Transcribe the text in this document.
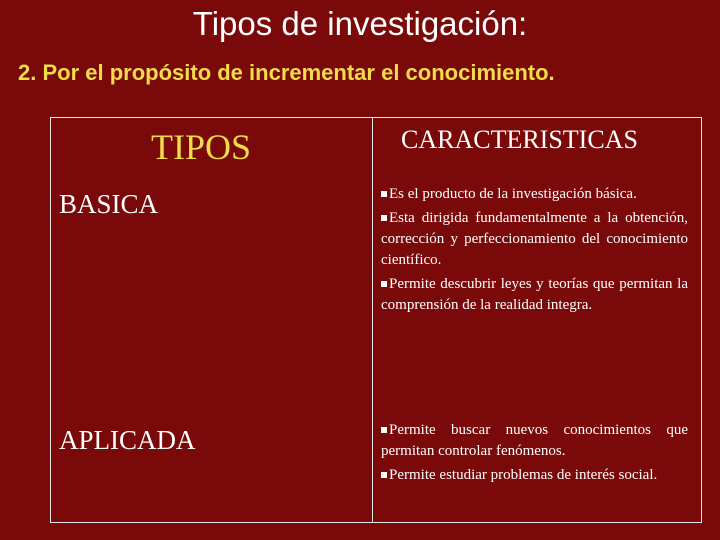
Tipos de investigación:
2. Por el propósito de incrementar el conocimiento.
TIPOS	CARACTERISTICAS
BASICA	Es el producto de la investigación básica.
Esta dirigida fundamentalmente a la obtención, corrección y perfeccionamiento del conocimiento científico.
Permite descubrir leyes y teorías que permitan la comprensión de la realidad integra.
APLICADA	Permite buscar nuevos conocimientos que permitan controlar fenómenos.
Permite estudiar problemas de interés social.
